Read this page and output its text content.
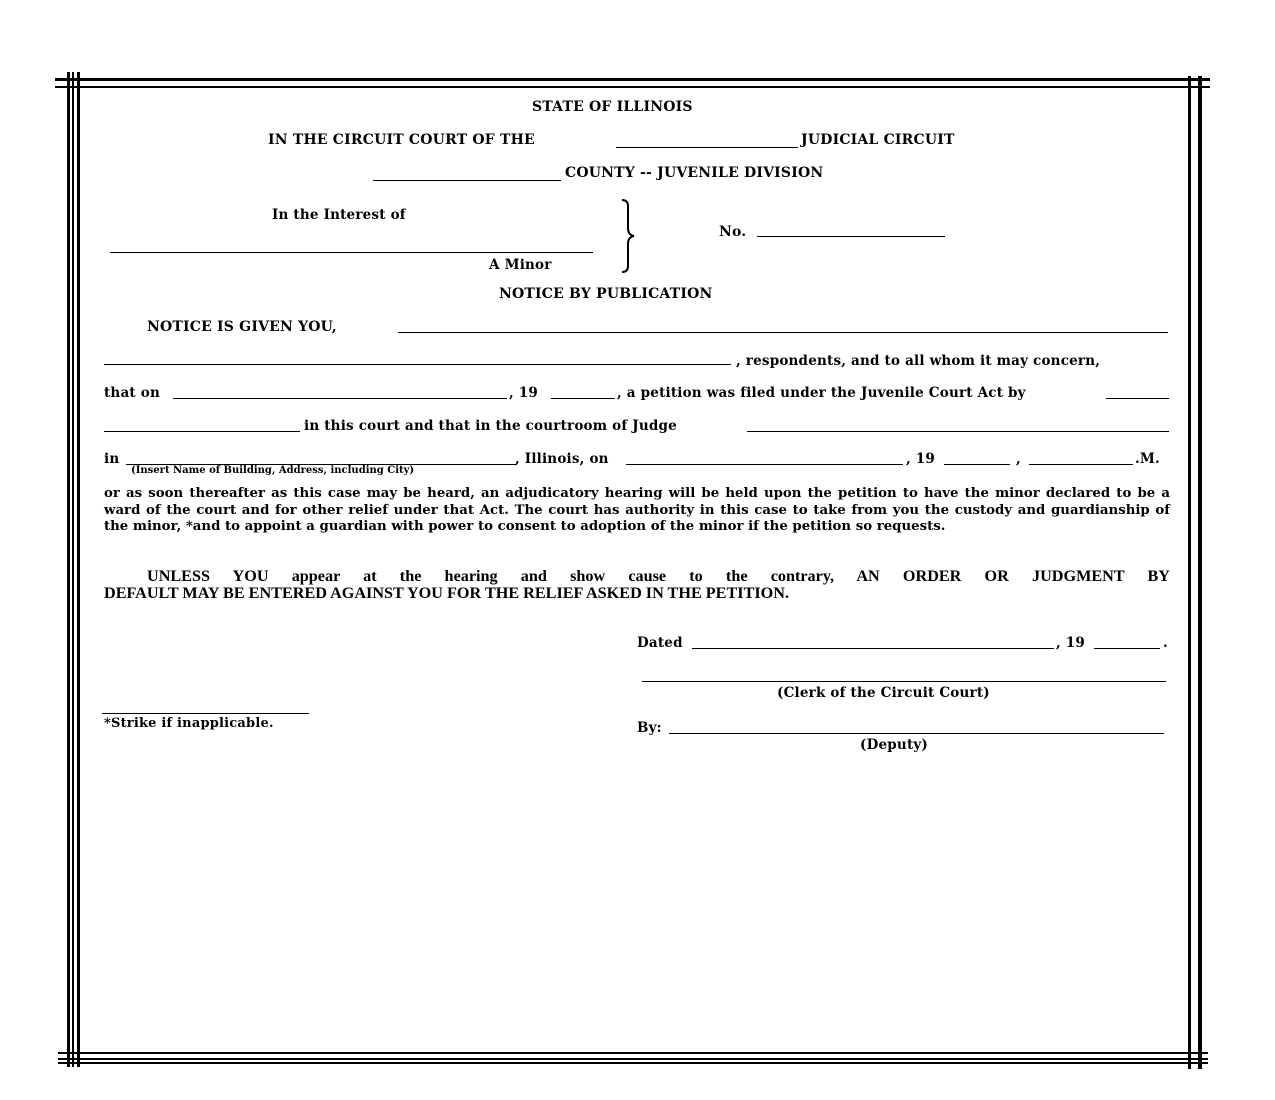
STATE OF ILLINOIS
IN THE CIRCUIT COURT OF THE	JUDICIAL CIRCUIT
COUNTY -- JUVENILE DIVISION
In the Interest of
A Minor
No.
NOTICE BY PUBLICATION
NOTICE IS GIVEN YOU,
, respondents, and to all whom it may concern,
that on	, 19	, a petition was filed under the Juvenile Court Act by
in this court and that in the courtroom of Judge
in
(Insert Name of Building, Address, including City)
, Illinois, on	, 19	,	.M.
or as soon thereafter as this case may be heard, an adjudicatory hearing will be held upon the petition to have the minor declared to be a ward of the court and for other relief under that Act. The court has authority in this case to take from you the custody and guardianship of the minor, *and to appoint a guardian with power to consent to adoption of the minor if the petition so requests.
UNLESS YOU appear at the hearing and show cause to the contrary, AN ORDER OR JUDGMENT BY
DEFAULT MAY BE ENTERED AGAINST YOU FOR THE RELIEF ASKED IN THE PETITION.
Dated	, 19	.
(Clerk of the Circuit Court)
By:
(Deputy)
*Strike if inapplicable.
